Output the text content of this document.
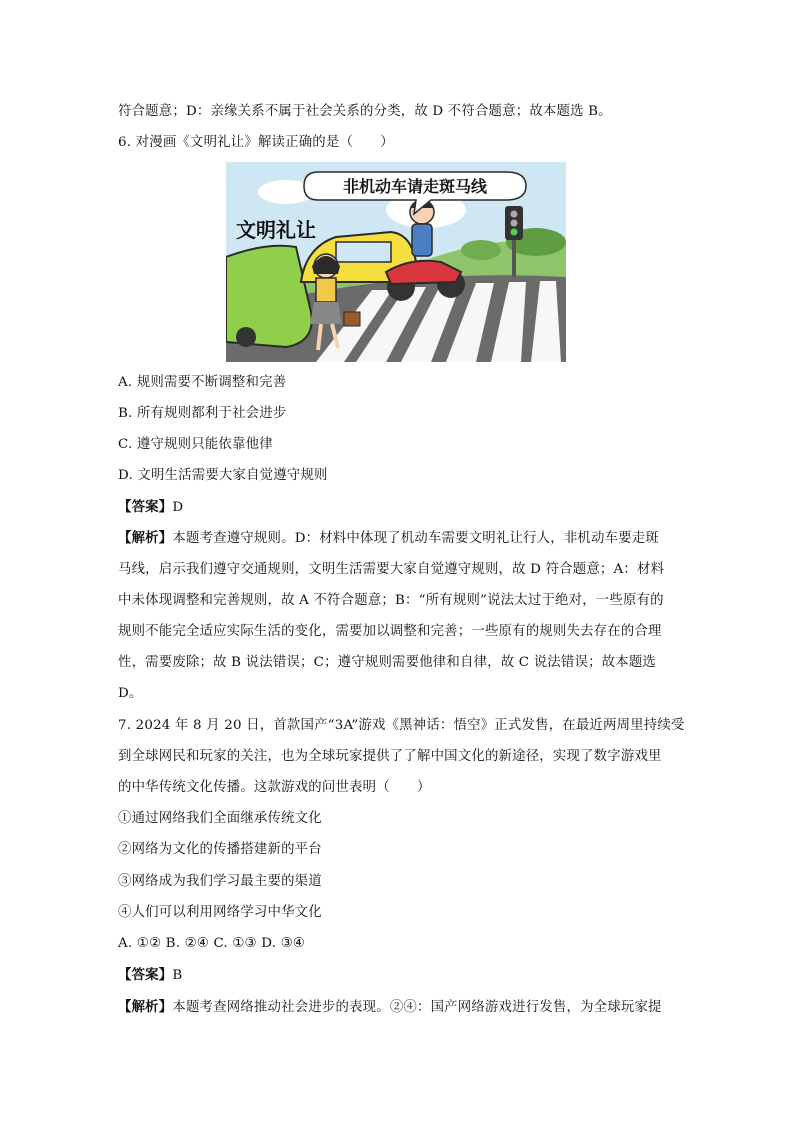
符合题意；D：亲缘关系不属于社会关系的分类，故 D 不符合题意；故本题选 B。
6. 对漫画《文明礼让》解读正确的是（　　）
非机动车请走斑马线
文明礼让
A. 规则需要不断调整和完善
B. 所有规则都利于社会进步
C. 遵守规则只能依靠他律
D. 文明生活需要大家自觉遵守规则
【答案】D
【解析】本题考查遵守规则。D：材料中体现了机动车需要文明礼让行人，非机动车要走斑
马线，启示我们遵守交通规则，文明生活需要大家自觉遵守规则，故 D 符合题意；A：材料
中未体现调整和完善规则，故 A 不符合题意；B：“所有规则”说法太过于绝对，一些原有的
规则不能完全适应实际生活的变化，需要加以调整和完善；一些原有的规则失去存在的合理
性，需要废除；故 B 说法错误；C；遵守规则需要他律和自律，故 C 说法错误；故本题选
D。
7. 2024 年 8 月 20 日，首款国产“3A”游戏《黑神话：悟空》正式发售，在最近两周里持续受
到全球网民和玩家的关注，也为全球玩家提供了了解中国文化的新途径，实现了数字游戏里
的中华传统文化传播。这款游戏的问世表明（　　）
①通过网络我们全面继承传统文化
②网络为文化的传播搭建新的平台
③网络成为我们学习最主要的渠道
④人们可以利用网络学习中华文化
A. ①② B. ②④ C. ①③ D. ③④
【答案】B
【解析】本题考查网络推动社会进步的表现。②④：国产网络游戏进行发售，为全球玩家提
